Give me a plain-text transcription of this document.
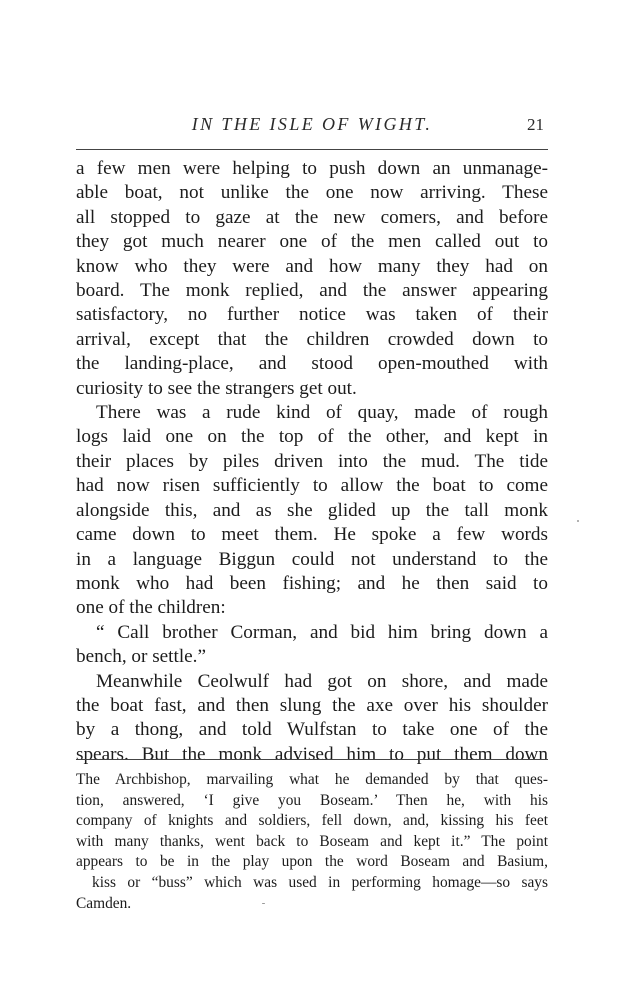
IN THE ISLE OF WIGHT.	21

a few men were helping to push down an unmanage-
able boat, not unlike the one now arriving. These
all stopped to gaze at the new comers, and before
they got much nearer one of the men called out to
know who they were and how many they had on
board. The monk replied, and the answer appearing
satisfactory, no further notice was taken of their
arrival, except that the children crowded down to
the landing-place, and stood open-mouthed with
curiosity to see the strangers get out.

There was a rude kind of quay, made of rough
logs laid one on the top of the other, and kept in
their places by piles driven into the mud. The tide
had now risen sufficiently to allow the boat to come
alongside this, and as she glided up the tall monk
came down to meet them. He spoke a few words
in a language Biggun could not understand to the
monk who had been fishing; and he then said to
one of the children:

“ Call brother Corman, and bid him bring down a
bench, or settle.”

Meanwhile Ceolwulf had got on shore, and made
the boat fast, and then slung the axe over his shoulder
by a thong, and told Wulfstan to take one of the
spears. But the monk advised him to put them down

The Archbishop, marvailing what he demanded by that ques-
tion, answered, ‘I give you Boseam.’ Then he, with his
company of knights and soldiers, fell down, and, kissing his feet
with many thanks, went back to Boseam and kept it.” The point
appears to be in the play upon the word Boseam and Basium,
kiss or “buss” which was used in performing homage—so says
Camden.
